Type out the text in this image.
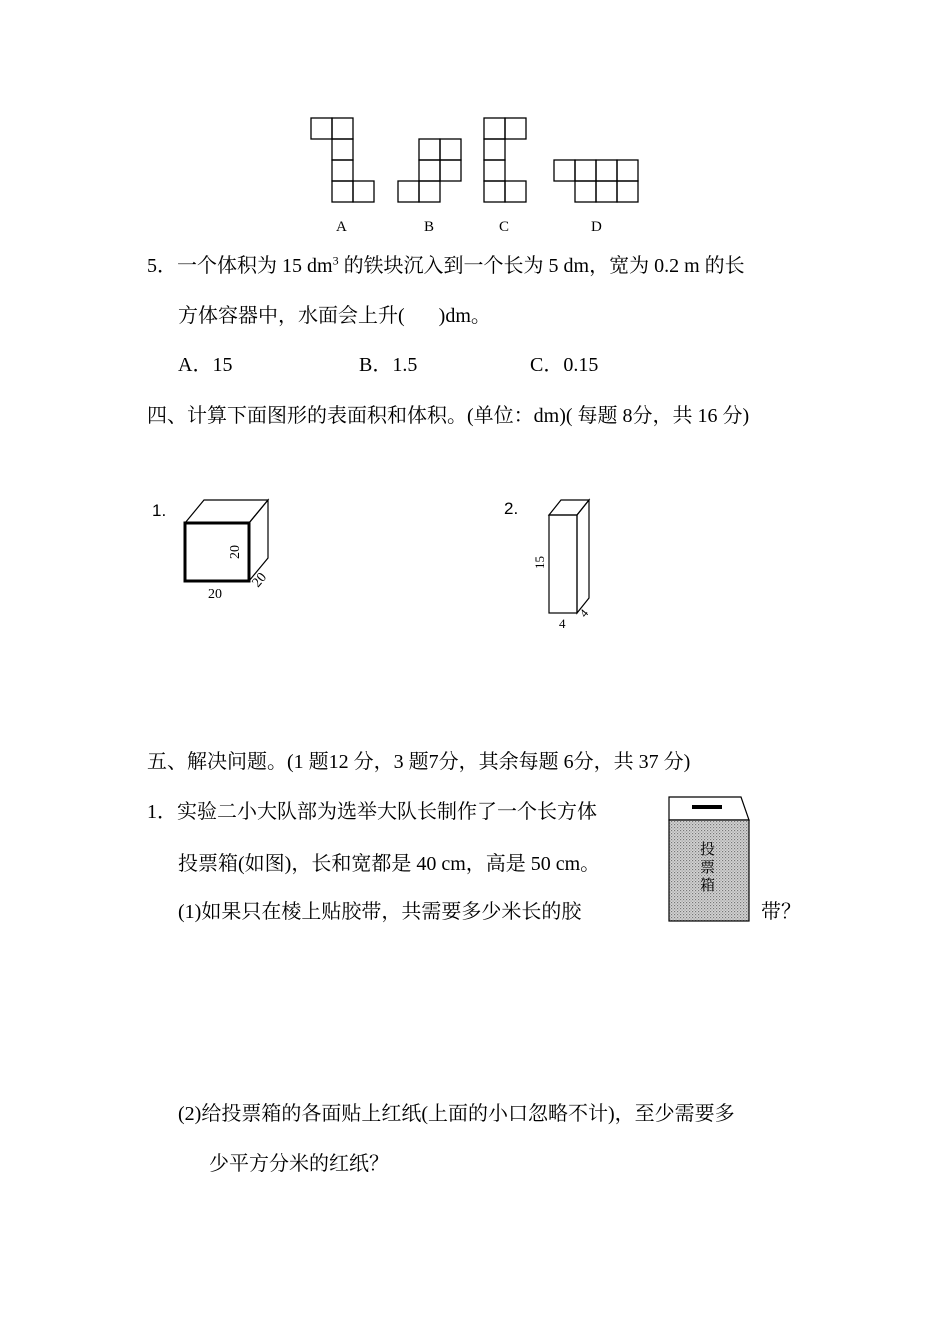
A	B	C	D
5．一个体积为 15 $dm^3$ 的铁块沉入到一个长为 5 dm，宽为 0.2 m 的长
方体容器中，水面会上升( )dm。
A．15	B．1.5	C．0.15
四、计算下面图形的表面积和体积。(单位：dm)( 每题 8分，共 16 分)
1.
20
20
20
2.
15
4
4
五、解决问题。(1 题12 分，3 题7分，其余每题 6分，共 37 分)
1．实验二小大队部为选举大队长制作了一个长方体
投票箱(如图)，长和宽都是 40 cm，高是 50 cm。
(1)如果只在棱上贴胶带，共需要多少米长的胶	带？
投
票
箱
(2)给投票箱的各面贴上红纸(上面的小口忽略不计)，至少需要多
少平方分米的红纸？
